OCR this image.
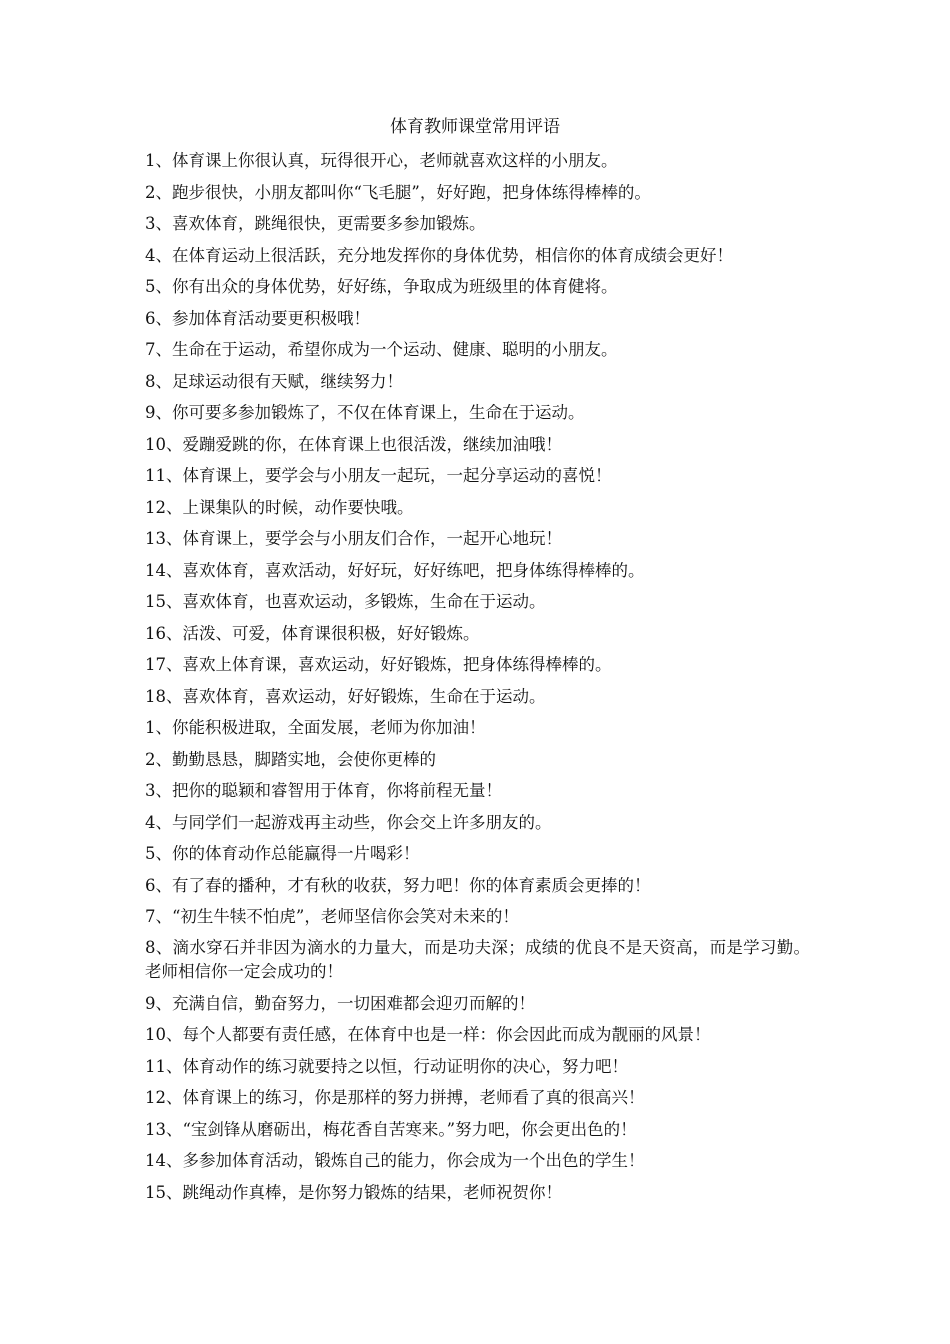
体育教师课堂常用评语
1、体育课上你很认真，玩得很开心，老师就喜欢这样的小朋友。
2、跑步很快，小朋友都叫你“飞毛腿”，好好跑，把身体练得棒棒的。
3、喜欢体育，跳绳很快，更需要多参加锻炼。
4、在体育运动上很活跃，充分地发挥你的身体优势，相信你的体育成绩会更好！
5、你有出众的身体优势，好好练，争取成为班级里的体育健将。
6、参加体育活动要更积极哦！
7、生命在于运动，希望你成为一个运动、健康、聪明的小朋友。
8、足球运动很有天赋，继续努力！
9、你可要多参加锻炼了，不仅在体育课上，生命在于运动。
10、爱蹦爱跳的你，在体育课上也很活泼，继续加油哦！
11、体育课上，要学会与小朋友一起玩，一起分享运动的喜悦！
12、上课集队的时候，动作要快哦。
13、体育课上，要学会与小朋友们合作，一起开心地玩！
14、喜欢体育，喜欢活动，好好玩，好好练吧，把身体练得棒棒的。
15、喜欢体育，也喜欢运动，多锻炼，生命在于运动。
16、活泼、可爱，体育课很积极，好好锻炼。
17、喜欢上体育课，喜欢运动，好好锻炼，把身体练得棒棒的。
18、喜欢体育，喜欢运动，好好锻炼，生命在于运动。
1、你能积极进取，全面发展，老师为你加油！
2、勤勤恳恳，脚踏实地，会使你更棒的
3、把你的聪颖和睿智用于体育，你将前程无量！
4、与同学们一起游戏再主动些，你会交上许多朋友的。
5、你的体育动作总能赢得一片喝彩！
6、有了春的播种，才有秋的收获，努力吧！你的体育素质会更捧的！
7、“初生牛犊不怕虎”，老师坚信你会笑对未来的！
8、滴水穿石并非因为滴水的力量大，而是功夫深；成绩的优良不是天资高，而是学习勤。老师相信你一定会成功的！
9、充满自信，勤奋努力，一切困难都会迎刃而解的！
10、每个人都要有责任感，在体育中也是一样：你会因此而成为靓丽的风景！
11、体育动作的练习就要持之以恒，行动证明你的决心，努力吧！
12、体育课上的练习，你是那样的努力拼搏，老师看了真的很高兴！
13、“宝剑锋从磨砺出，梅花香自苦寒来。”努力吧，你会更出色的！
14、多参加体育活动，锻炼自己的能力，你会成为一个出色的学生！
15、跳绳动作真棒，是你努力锻炼的结果，老师祝贺你！
